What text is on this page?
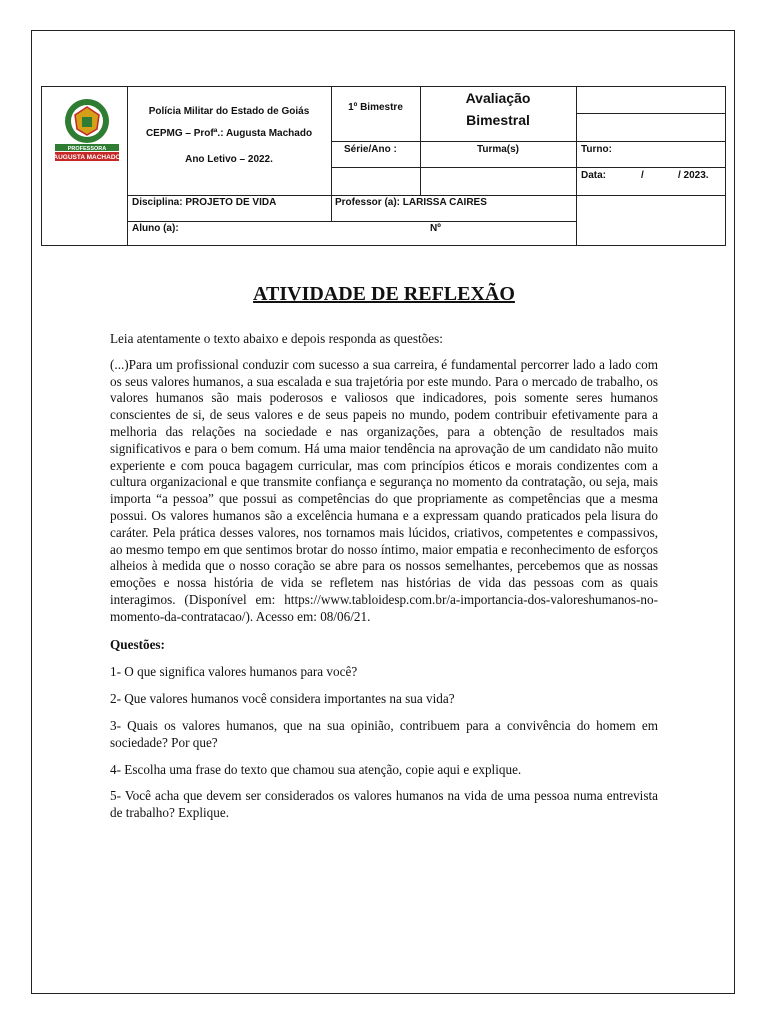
PROFESSORA
AUGUSTA MACHADO
Polícia Militar do Estado de Goiás
CEPMG – Profª.: Augusta Machado
Ano Letivo – 2022.
1º Bimestre
Avaliação
Bimestral
Série/Ano :	Turma(s)	Turno:
Data:	/	/ 2023.
Disciplina: PROJETO DE VIDA	Professor (a): LARISSA CAIRES
Aluno (a):	Nº
ATIVIDADE DE REFLEXÃO

Leia atentamente o texto abaixo e depois responda as questões:

(...)Para um profissional conduzir com sucesso a sua carreira, é fundamental percorrer lado a lado com os seus valores humanos, a sua escalada e sua trajetória por este mundo. Para o mercado de trabalho, os valores humanos são mais poderosos e valiosos que indicadores, pois somente seres humanos conscientes de si, de seus valores e de seus papeis no mundo, podem contribuir efetivamente para a melhoria das relações na sociedade e nas organizações, para a obtenção de resultados mais significativos e para o bem comum. Há uma maior tendência na aprovação de um candidato não muito experiente e com pouca bagagem curricular, mas com princípios éticos e morais condizentes com a cultura organizacional e que transmite confiança e segurança no momento da contratação, ou seja, mais importa “a pessoa” que possui as competências do que propriamente as competências que a mesma possui. Os valores humanos são a excelência humana e a expressam quando praticados pela lisura do caráter. Pela prática desses valores, nos tornamos mais lúcidos, criativos, competentes e compassivos, ao mesmo tempo em que sentimos brotar do nosso íntimo, maior empatia e reconhecimento de esforços alheios à medida que o nosso coração se abre para os nossos semelhantes, percebemos que as nossas emoções e nossa história de vida se refletem nas histórias de vida das pessoas com as quais interagimos. (Disponível em: https://www.tabloidesp.com.br/a-importancia-dos-valoreshumanos-no-momento-da-contratacao/). Acesso em: 08/06/21.

Questões:

1- O que significa valores humanos para você?

2- Que valores humanos você considera importantes na sua vida?

3- Quais os valores humanos, que na sua opinião, contribuem para a convivência do homem em sociedade? Por que?

4- Escolha uma frase do texto que chamou sua atenção, copie aqui e explique.

5- Você acha que devem ser considerados os valores humanos na vida de uma pessoa numa entrevista de trabalho? Explique.
